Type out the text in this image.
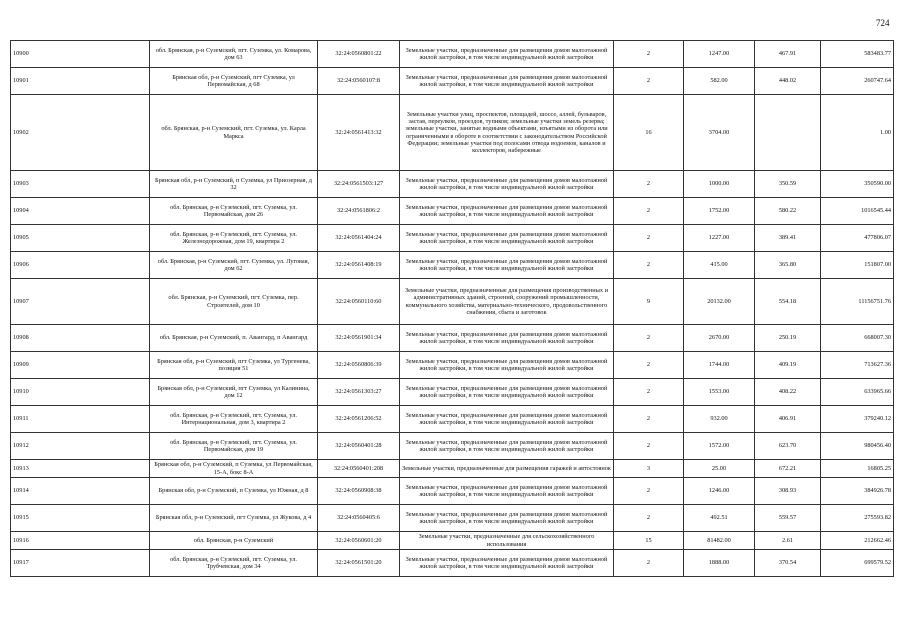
724
10900	обл. Брянская, р-н Суземский, пгт. Суземка, ул. Комарова, дом 63	32:24:0560801:22	Земельные участки, предназначенные для размещения домов малоэтажной жилой застройки, в том числе индивидуальной жилой застройки	2	1247.00	467.91	583483.77
10901	Брянская обл, р-н Суземский, пгт Суземка, ул Первомайская, д 68	32:24:0560107:8	Земельные участки, предназначенные для размещения домов малоэтажной жилой застройки, в том числе индивидуальной жилой застройки	2	582.00	448.02	260747.64
10902	обл. Брянская, р-н Суземский, пгт. Суземка, ул. Карла Маркса	32:24:0561413:32	Земельные участки улиц, проспектов, площадей, шоссе, аллей, бульваров, застав, переулков, проездов, тупиков; земельные участки земель резерва; земельные участки, занятые водными объектами, изъятыми из оборота или ограниченными в обороте в соответствии с законодательством Российской Федерации; земельные участки под полосами отвода водоемов, каналов и коллекторов, набережные	16	3704.00		1.00
10903	Брянская обл, р-н Суземский, п Суземка, ул Приозерная, д 32	32:24:0561503:127	Земельные участки, предназначенные для размещения домов малоэтажной жилой застройки, в том числе индивидуальной жилой застройки	2	1000.00	350.59	350590.00
10904	обл. Брянская, р-н Суземский, пгт. Суземка, ул. Первомайская, дом 26	32:24:0561806:2	Земельные участки, предназначенные для размещения домов малоэтажной жилой застройки, в том числе индивидуальной жилой застройки	2	1752.00	580.22	1016545.44
10905	обл. Брянская, р-н Суземский, пгт. Суземка, ул. Железнодорожная, дом 19, квартира 2	32:24:0561404:24	Земельные участки, предназначенные для размещения домов малоэтажной жилой застройки, в том числе индивидуальной жилой застройки	2	1227.00	389.41	477806.07
10906	обл. Брянская, р-н Суземский, пгт. Суземка, ул. Луговая, дом 62	32:24:0561408:19	Земельные участки, предназначенные для размещения домов малоэтажной жилой застройки, в том числе индивидуальной жилой застройки	2	415.00	365.80	151807.00
10907	обл. Брянская, р-н Суземский, пгт. Суземка, пер. Строителей, дом 10	32:24:0560110:60	Земельные участки, предназначенные для размещения производственных и административных зданий, строений, сооружений промышленности, коммунального хозяйства, материально-технического, продовольственного снабжения, сбыта и заготовок	9	20132.00	554.18	11156751.76
10908	обл. Брянская, р-н Суземский, п. Авангард, п Авангард	32:24:0561901:34	Земельные участки, предназначенные для размещения домов малоэтажной жилой застройки, в том числе индивидуальной жилой застройки	2	2670.00	250.19	668007.30
10909	Брянская обл, р-н Суземский, пгт Суземка, ул Тургенева, позиция 51	32:24:0560806:39	Земельные участки, предназначенные для размещения домов малоэтажной жилой застройки, в том числе индивидуальной жилой застройки	2	1744.00	409.19	713627.36
10910	Брянская обл, р-н Суземский, пгт Суземка, ул Калинина, дом 12	32:24:0561303:27	Земельные участки, предназначенные для размещения домов малоэтажной жилой застройки, в том числе индивидуальной жилой застройки	2	1553.00	408.22	633965.66
10911	обл. Брянская, р-н Суземский, пгт. Суземка, ул. Интернациональная, дом 3, квартира 2	32:24:0561206:52	Земельные участки, предназначенные для размещения домов малоэтажной жилой застройки, в том числе индивидуальной жилой застройки	2	932.00	406.91	379240.12
10912	обл. Брянская, р-н Суземский, пгт. Суземка, ул. Первомайская, дом 19	32:24:0560401:28	Земельные участки, предназначенные для размещения домов малоэтажной жилой застройки, в том числе индивидуальной жилой застройки	2	1572.00	623.70	980456.40
10913	Брянская обл, р-н Суземский, п Суземка, ул Первомайская, 15-А, бокс 8-А	32:24:0560401:208	Земельные участки, предназначенные для размещения гаражей и автостоянок	3	25.00	672.21	16805.25
10914	Брянская обл, р-н Суземский, п Суземка, ул Южная, д 8	32:24:0560908:38	Земельные участки, предназначенные для размещения домов малоэтажной жилой застройки, в том числе индивидуальной жилой застройки	2	1246.00	308.93	384926.78
10915	Брянская обл, р-н Суземский, пгт Суземка, ул Жукова, д 4	32:24:0560405:6	Земельные участки, предназначенные для размещения домов малоэтажной жилой застройки, в том числе индивидуальной жилой застройки	2	492.51	559.57	275593.82
10916	обл. Брянская, р-н Суземский	32:24:0560601:20	Земельные участки, предназначенные для сельскохозяйственного использования	15	81482.00	2.61	212662.46
10917	обл. Брянская, р-н Суземский, пгт. Суземка, ул. Трубчевская, дом 34	32:24:0561501:20	Земельные участки, предназначенные для размещения домов малоэтажной жилой застройки, в том числе индивидуальной жилой застройки	2	1888.00	370.54	699579.52
